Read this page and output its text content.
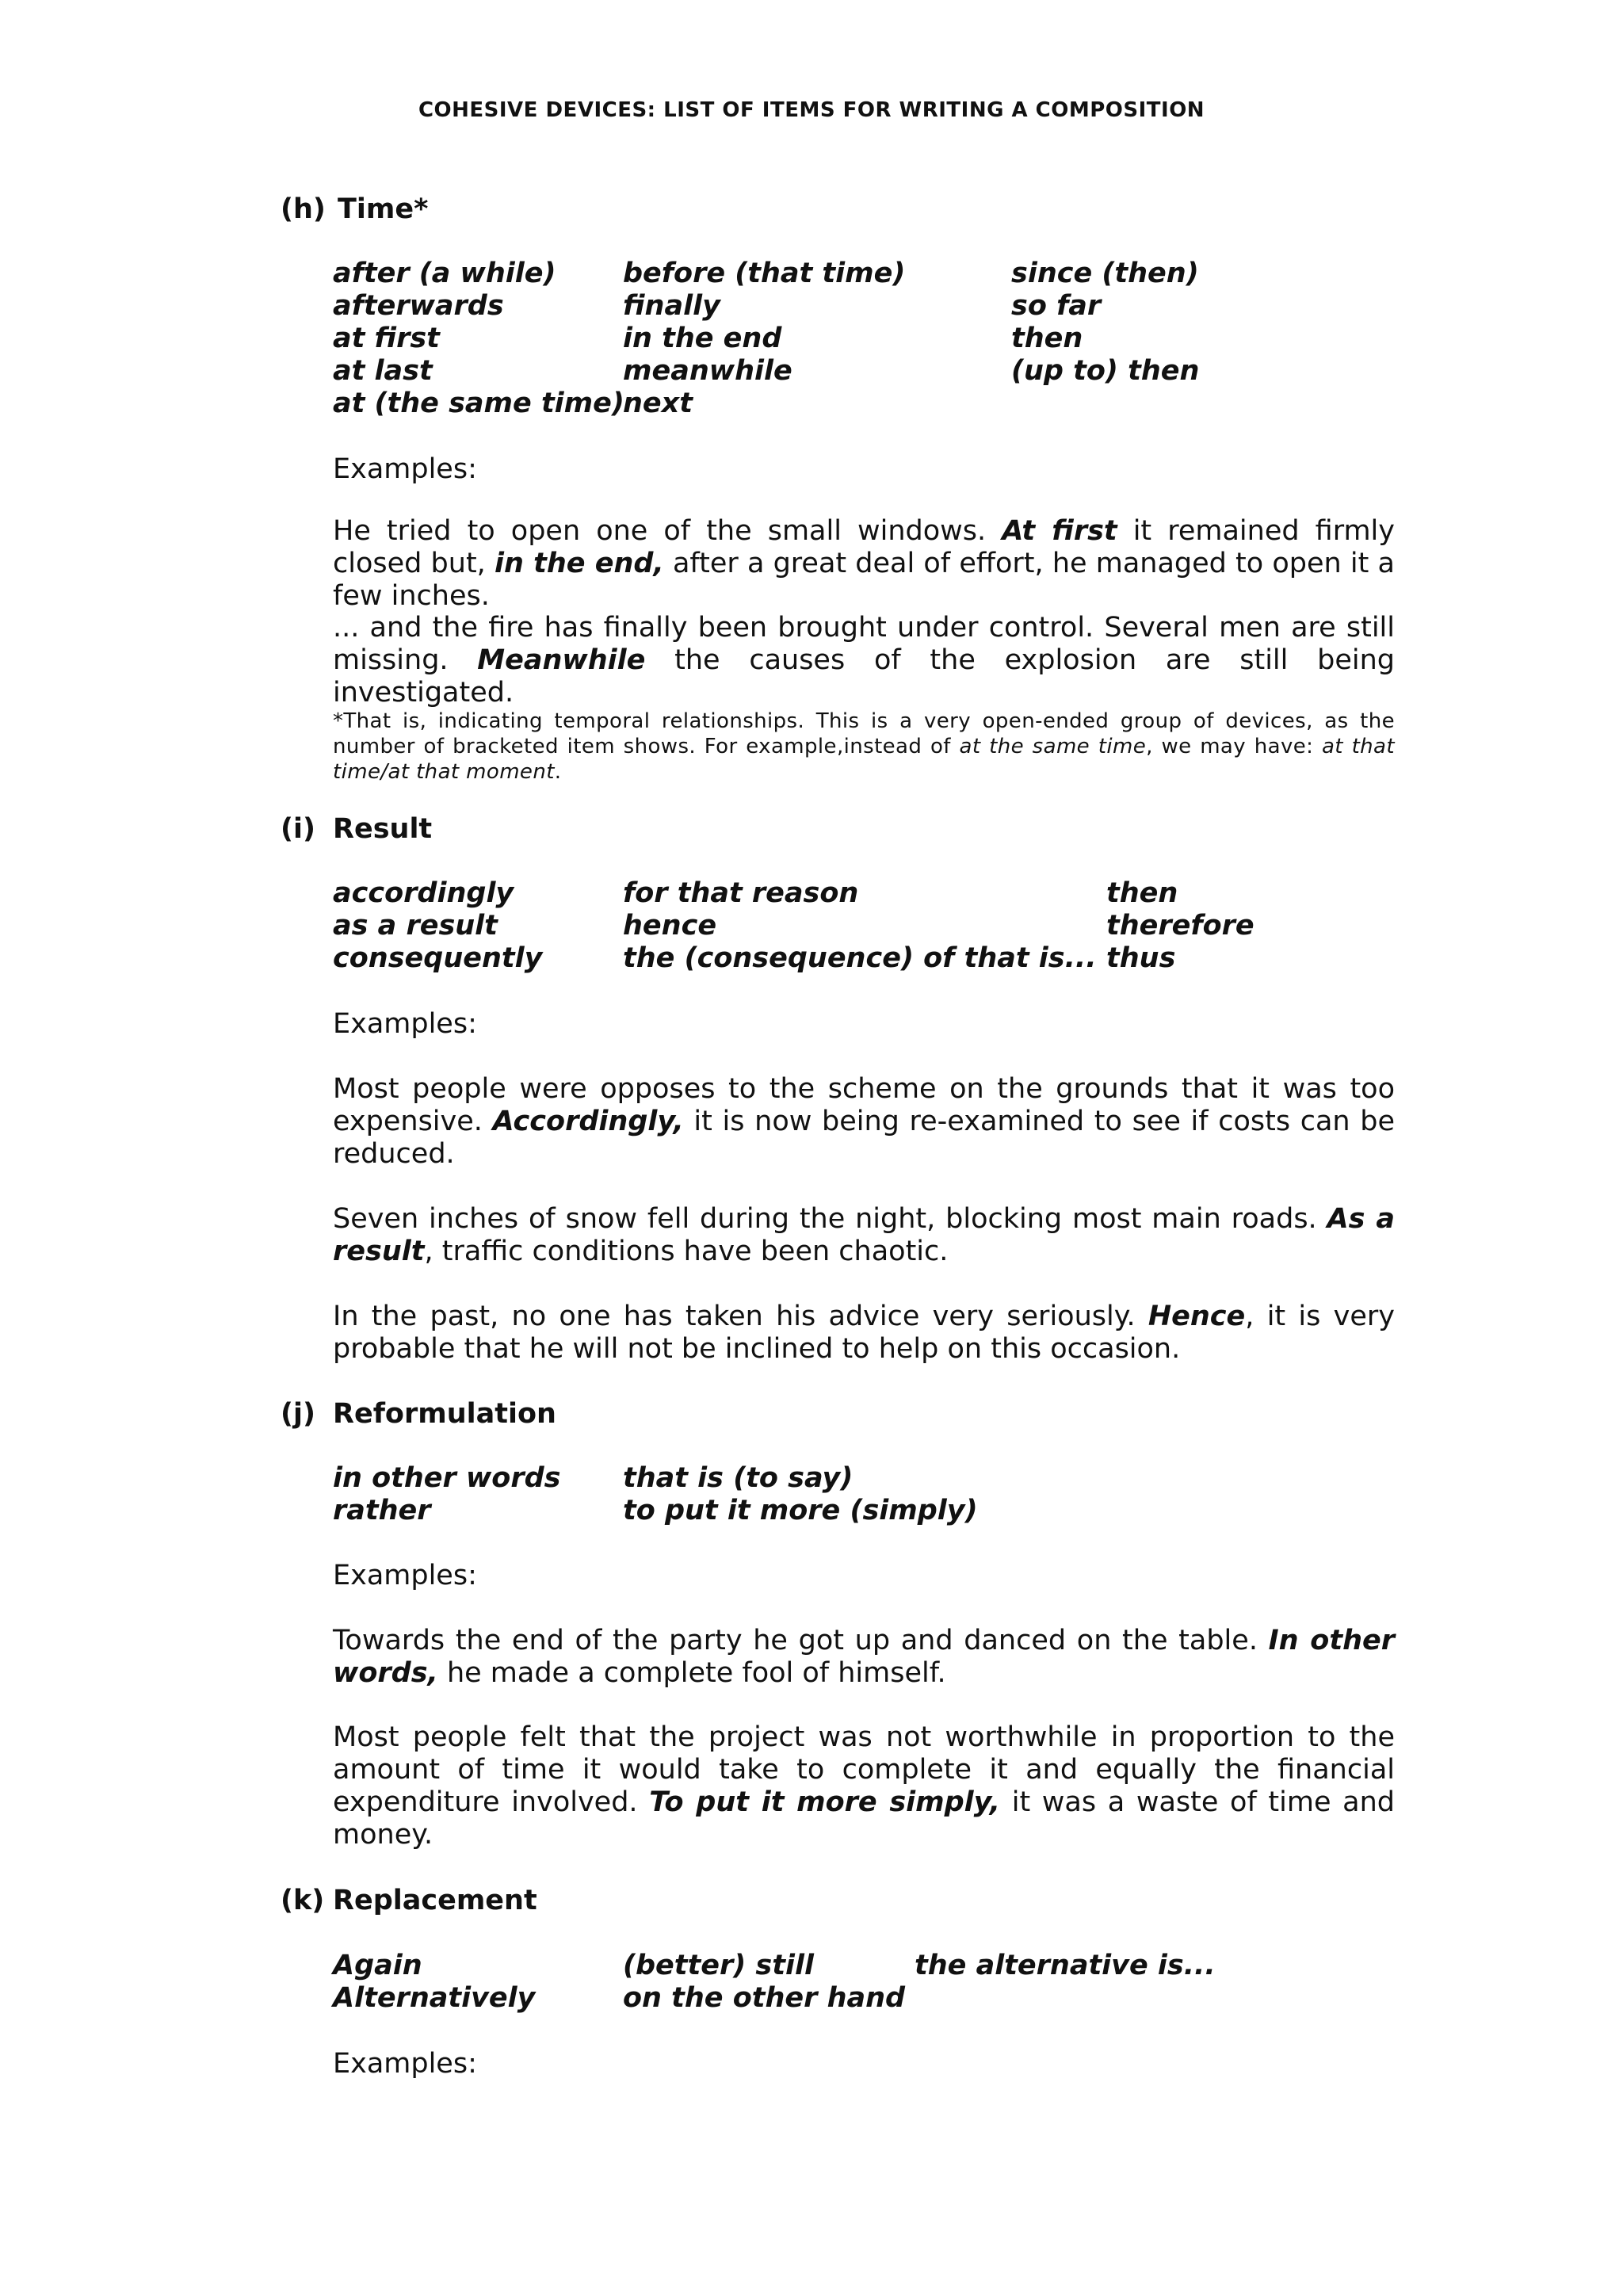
COHESIVE DEVICES: LIST OF ITEMS FOR WRITING A COMPOSITION
(h) Time*
after (a while)
afterwards
at first
at last
at (the same time)
before (that time)
finally
in the end
meanwhile
next
since (then)
so far
then
(up to) then
Examples:
He tried to open one of the small windows. At first it remained firmly closed but, in the end, after a great deal of effort, he managed to open it a few inches.
... and the fire has finally been brought under control. Several men are still missing. Meanwhile the causes of the explosion are still being investigated.
*That is, indicating temporal relationships. This is a very open-ended group of devices, as the number of bracketed item shows. For example,instead of at the same time, we may have: at that time/at that moment.
(i) Result
accordingly
as a result
consequently
for that reason
hence
the (consequence) of that is...
then
therefore
thus
Examples:
Most people were opposes to the scheme on the grounds that it was too expensive. Accordingly, it is now being re-examined to see if costs can be reduced.
Seven inches of snow fell during the night, blocking most main roads. As a result, traffic conditions have been chaotic.
In the past, no one has taken his advice very seriously. Hence, it is very probable that he will not be inclined to help on this occasion.
(j) Reformulation
in other words
rather
that is (to say)
to put it more (simply)
Examples:
Towards the end of the party he got up and danced on the table. In other words, he made a complete fool of himself.
Most people felt that the project was not worthwhile in proportion to the amount of time it would take to complete it and equally the financial expenditure involved. To put it more simply, it was a waste of time and money.
(k) Replacement
Again
Alternatively
(better) still
on the other hand
the alternative is...
Examples:
